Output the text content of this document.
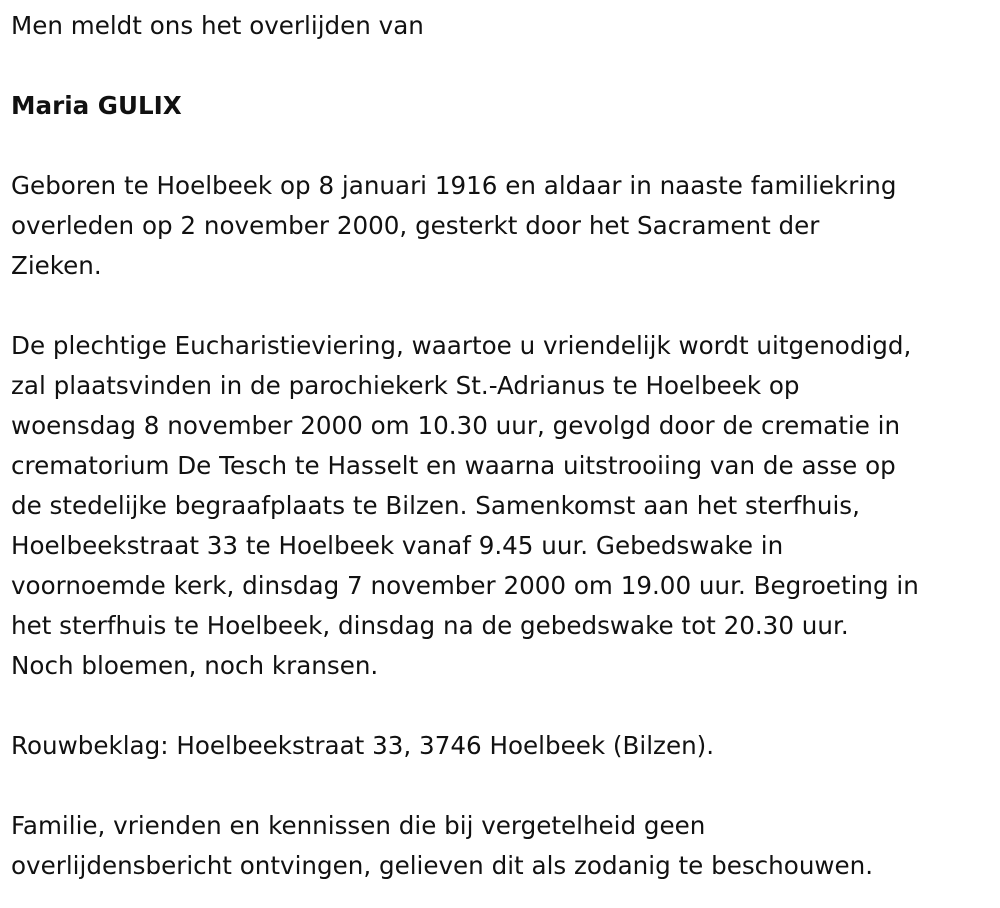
Men meldt ons het overlijden van
Maria GULIX
Geboren te Hoelbeek op 8 januari 1916 en aldaar in naaste familiekring
overleden op 2 november 2000, gesterkt door het Sacrament der
Zieken.
De plechtige Eucharistieviering, waartoe u vriendelijk wordt uitgenodigd,
zal plaatsvinden in de parochiekerk St.-Adrianus te Hoelbeek op
woensdag 8 november 2000 om 10.30 uur, gevolgd door de crematie in
crematorium De Tesch te Hasselt en waarna uitstrooiing van de asse op
de stedelijke begraafplaats te Bilzen. Samenkomst aan het sterfhuis,
Hoelbeekstraat 33 te Hoelbeek vanaf 9.45 uur. Gebedswake in
voornoemde kerk, dinsdag 7 november 2000 om 19.00 uur. Begroeting in
het sterfhuis te Hoelbeek, dinsdag na de gebedswake tot 20.30 uur.
Noch bloemen, noch kransen.
Rouwbeklag: Hoelbeekstraat 33, 3746 Hoelbeek (Bilzen).
Familie, vrienden en kennissen die bij vergetelheid geen
overlijdensbericht ontvingen, gelieven dit als zodanig te beschouwen.
